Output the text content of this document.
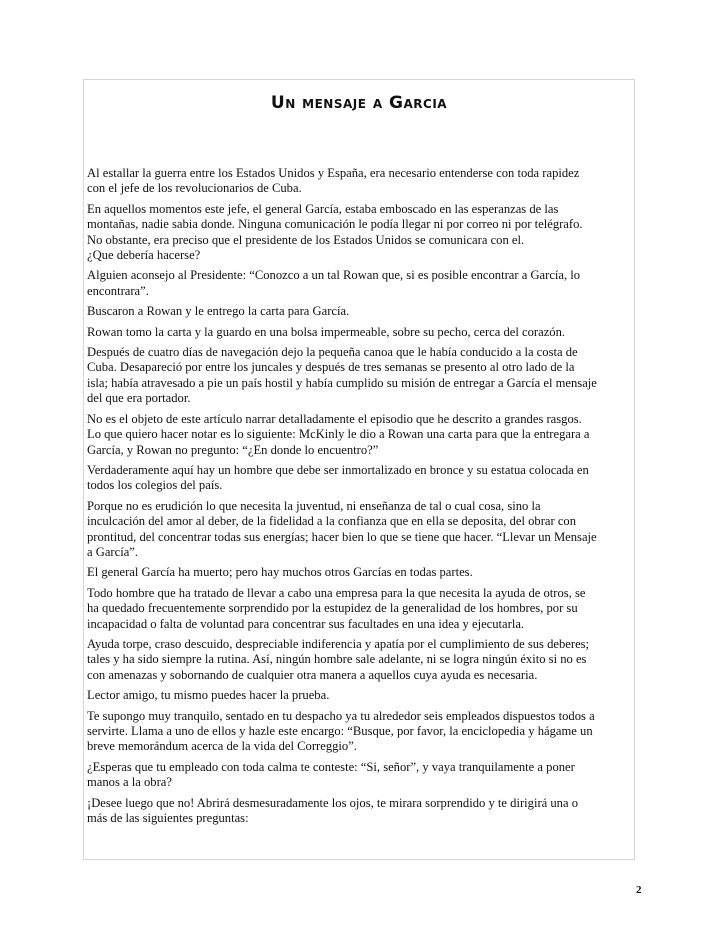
Un mensaje a Garcia

Al estallar la guerra entre los Estados Unidos y España, era necesario entenderse con toda rapidez
con el jefe de los revolucionarios de Cuba.

En aquellos momentos este jefe, el general García, estaba emboscado en las esperanzas de las
montañas, nadie sabia donde. Ninguna comunicación le podía llegar ni por correo ni por telégrafo.
No obstante, era preciso que el presidente de los Estados Unidos se comunicara con el.
¿Que debería hacerse?

Alguien aconsejo al Presidente: “Conozco a un tal Rowan que, si es posible encontrar a García, lo
encontrara”.

Buscaron a Rowan y le entrego la carta para García.

Rowan tomo la carta y la guardo en una bolsa impermeable, sobre su pecho, cerca del corazón.

Después de cuatro días de navegación dejo la pequeña canoa que le había conducido a la costa de
Cuba. Desapareció por entre los juncales y después de tres semanas se presento al otro lado de la
isla; había atravesado a pie un país hostil y había cumplido su misión de entregar a García el mensaje
del que era portador.

No es el objeto de este artículo narrar detalladamente el episodio que he descrito a grandes rasgos.
Lo que quiero hacer notar es lo siguiente: McKinly le dio a Rowan una carta para que la entregara a
García, y Rowan no pregunto: “¿En donde lo encuentro?”

Verdaderamente aquí hay un hombre que debe ser inmortalizado en bronce y su estatua colocada en
todos los colegios del país.

Porque no es erudición lo que necesita la juventud, ni enseñanza de tal o cual cosa, sino la
inculcación del amor al deber, de la fidelidad a la confianza que en ella se deposita, del obrar con
prontitud, del concentrar todas sus energías; hacer bien lo que se tiene que hacer. “Llevar un Mensaje
a García”.

El general García ha muerto; pero hay muchos otros Garcías en todas partes.

Todo hombre que ha tratado de llevar a cabo una empresa para la que necesita la ayuda de otros, se
ha quedado frecuentemente sorprendido por la estupidez de la generalidad de los hombres, por su
incapacidad o falta de voluntad para concentrar sus facultades en una idea y ejecutarla.

Ayuda torpe, craso descuido, despreciable indiferencia y apatía por el cumplimiento de sus deberes;
tales y ha sido siempre la rutina. Así, ningún hombre sale adelante, ni se logra ningún éxito si no es
con amenazas y sobornando de cualquier otra manera a aquellos cuya ayuda es necesaria.

Lector amigo, tu mismo puedes hacer la prueba.

Te supongo muy tranquilo, sentado en tu despacho ya tu alrededor seis empleados dispuestos todos a
servirte. Llama a uno de ellos y hazle este encargo: “Busque, por favor, la enciclopedia y hágame un
breve memorándum acerca de la vida del Correggio”.

¿Esperas que tu empleado con toda calma te conteste: “Si, señor”, y vaya tranquilamente a poner
manos a la obra?

¡Desee luego que no! Abrirá desmesuradamente los ojos, te mirara sorprendido y te dirigirá una o
más de las siguientes preguntas:

2
